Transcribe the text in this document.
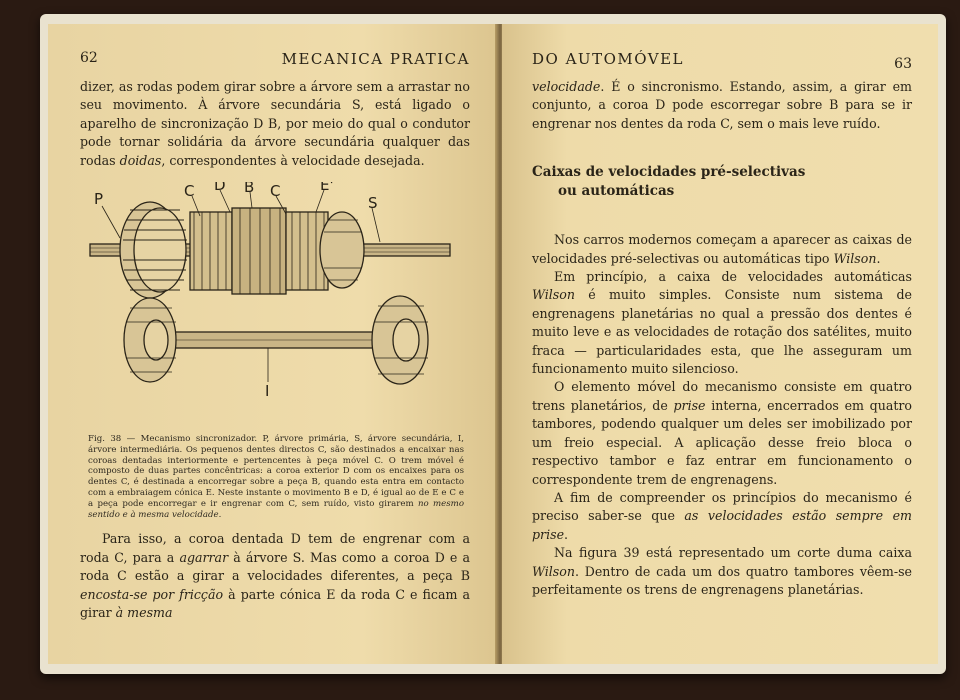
62	MECANICA PRATICA

dizer, as rodas podem girar sobre a árvore sem a arrastar no seu movimento. À árvore secundária S, está ligado o aparelho de sincronização D B, por meio do qual o condutor pode tornar solidária da árvore secundária qualquer das rodas doidas, correspondentes à velocidade desejada.

P	C D B C	E'
S
I
Fig. 38 — Mecanismo sincronizador. P, árvore primária, S, árvore secundária, I, árvore intermediária. Os pequenos dentes directos C, são destinados a encaixar nas coroas dentadas interiormente e pertencentes à peça móvel C. O trem móvel é composto de duas partes concêntricas: a coroa exterior D com os encaixes para os dentes C, é destinada a encorregar sobre a peça B, quando esta entra em contacto com a embraiagem cónica E. Neste instante o movimento B e D, é igual ao de E e C e a peça pode encorregar e ir engrenar com C, sem ruído, visto girarem no mesmo sentido e à mesma velocidade.

Para isso, a coroa dentada D tem de engrenar com a roda C, para a agarrar à árvore S. Mas como a coroa D e a roda C estão a girar a velocidades diferentes, a peça B encosta-se por fricção à parte cónica E da roda C e ficam a girar à mesma

DO AUTOMÓVEL	63

velocidade. É o sincronismo. Estando, assim, a girar em conjunto, a coroa D pode escorregar sobre B para se ir engrenar nos dentes da roda C, sem o mais leve ruído.

Caixas de velocidades pré-selectivas
ou automáticas

Nos carros modernos começam a aparecer as caixas de velocidades pré-selectivas ou automáticas tipo Wilson.

Em princípio, a caixa de velocidades automáticas Wilson é muito simples. Consiste num sistema de engrenagens planetárias no qual a pressão dos dentes é muito leve e as velocidades de rotação dos satélites, muito fraca — particularidades esta, que lhe asseguram um funcionamento muito silencioso.

O elemento móvel do mecanismo consiste em quatro trens planetários, de prise interna, encerrados em quatro tambores, podendo qualquer um deles ser imobilizado por um freio especial. A aplicação desse freio bloca o respectivo tambor e faz entrar em funcionamento o correspondente trem de engrenagens.

A fim de compreender os princípios do mecanismo é preciso saber-se que as velocidades estão sempre em prise.

Na figura 39 está representado um corte duma caixa Wilson. Dentro de cada um dos quatro tambores vêem-se perfeitamente os trens de engrenagens planetárias.
